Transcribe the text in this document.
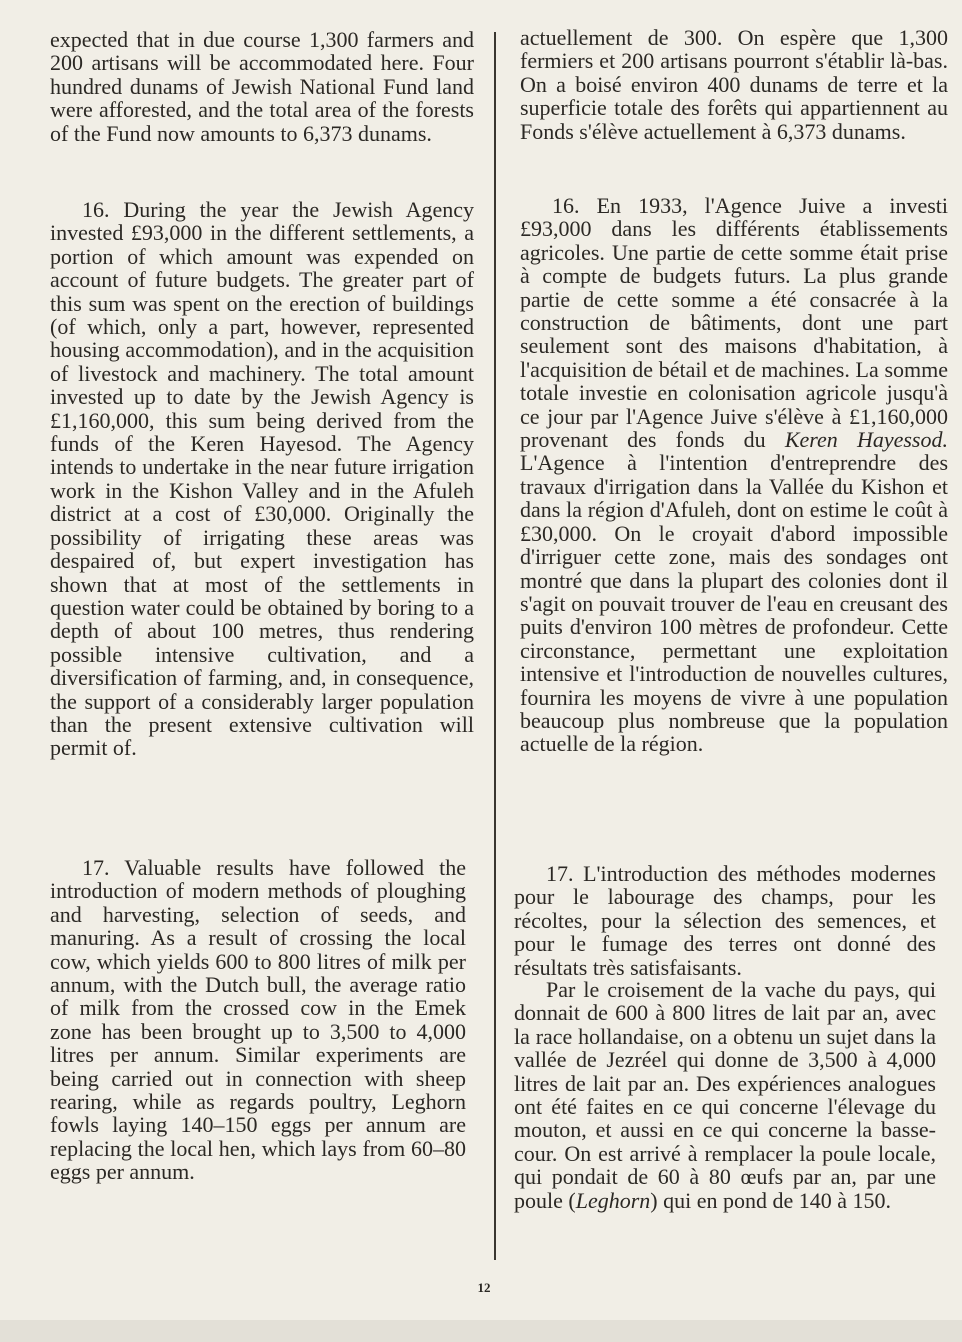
expected that in due course 1,300 farmers and 200 artisans will be accommodated here. Four hundred dunams of Jewish National Fund land were afforested, and the total area of the forests of the Fund now amounts to 6,373 dunams.

16. During the year the Jewish Agency invested £93,000 in the different settlements, a portion of which amount was expended on account of future budgets. The greater part of this sum was spent on the erection of buildings (of which, only a part, however, represented housing accommodation), and in the acquisition of livestock and machinery. The total amount invested up to date by the Jewish Agency is £1,160,000, this sum being derived from the funds of the Keren Hayesod. The Agency intends to undertake in the near future irrigation work in the Kishon Valley and in the Afuleh district at a cost of £30,000. Originally the possibility of irrigating these areas was despaired of, but expert investigation has shown that at most of the settlements in question water could be obtained by boring to a depth of about 100 metres, thus rendering possible intensive cultivation, and a diversification of farming, and, in consequence, the support of a considerably larger population than the present extensive cultivation will permit of.

17. Valuable results have followed the introduction of modern methods of ploughing and harvesting, selection of seeds, and manuring. As a result of crossing the local cow, which yields 600 to 800 litres of milk per annum, with the Dutch bull, the average ratio of milk from the crossed cow in the Emek zone has been brought up to 3,500 to 4,000 litres per annum. Similar experiments are being carried out in connection with sheep rearing, while as regards poultry, Leghorn fowls laying 140–150 eggs per annum are replacing the local hen, which lays from 60–80 eggs per annum.

actuellement de 300. On espère que 1,300 fermiers et 200 artisans pourront s'établir là-bas. On a boisé environ 400 dunams de terre et la superficie totale des forêts qui appartiennent au Fonds s'élève actuellement à 6,373 dunams.

16. En 1933, l'Agence Juive a investi £93,000 dans les différents établissements agricoles. Une partie de cette somme était prise à compte de budgets futurs. La plus grande partie de cette somme a été consacrée à la construction de bâtiments, dont une part seulement sont des maisons d'habitation, à l'acquisition de bétail et de machines. La somme totale investie en colonisation agricole jusqu'à ce jour par l'Agence Juive s'élève à £1,160,000 provenant des fonds du Keren Hayessod. L'Agence à l'intention d'entreprendre des travaux d'irrigation dans la Vallée du Kishon et dans la région d'Afuleh, dont on estime le coût à £30,000. On le croyait d'abord impossible d'irriguer cette zone, mais des sondages ont montré que dans la plupart des colonies dont il s'agit on pouvait trouver de l'eau en creusant des puits d'environ 100 mètres de profondeur. Cette circonstance, permettant une exploitation intensive et l'introduction de nouvelles cultures, fournira les moyens de vivre à une population beaucoup plus nombreuse que la population actuelle de la région.

17. L'introduction des méthodes modernes pour le labourage des champs, pour les récoltes, pour la sélection des semences, et pour le fumage des terres ont donné des résultats très satisfaisants.

Par le croisement de la vache du pays, qui donnait de 600 à 800 litres de lait par an, avec la race hollandaise, on a obtenu un sujet dans la vallée de Jezréel qui donne de 3,500 à 4,000 litres de lait par an. Des expériences analogues ont été faites en ce qui concerne l'élevage du mouton, et aussi en ce qui concerne la basse-cour. On est arrivé à remplacer la poule locale, qui pondait de 60 à 80 œufs par an, par une poule (Leghorn) qui en pond de 140 à 150.

12
